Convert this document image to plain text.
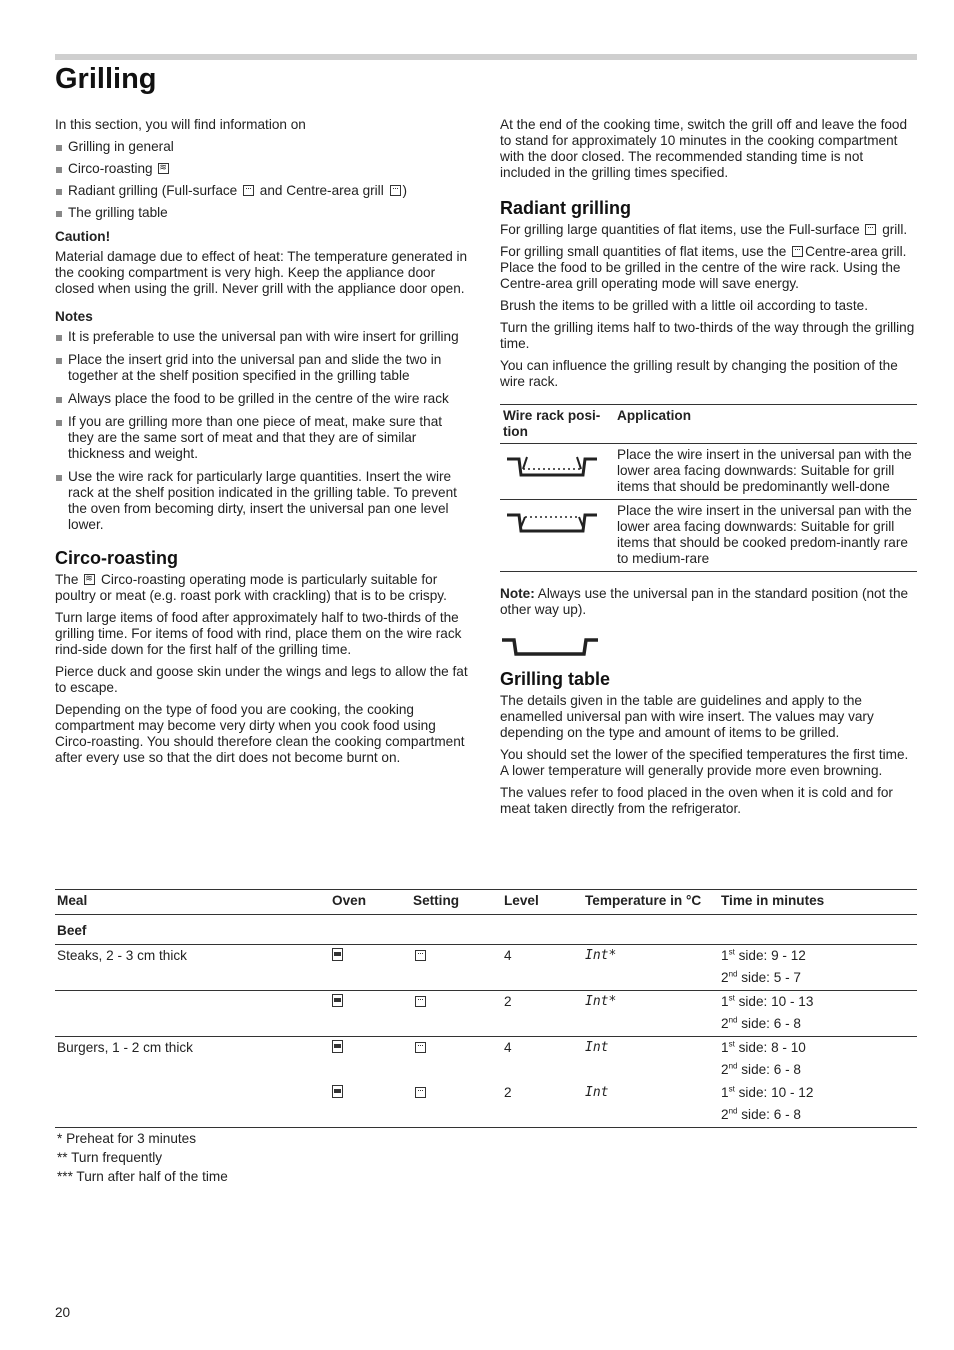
Grilling

In this section, you will find information on

Grilling in general
Circo-roasting ≋
Radiant grilling (Full-surface and Centre-area grill )
The grilling table
Caution!

Material damage due to effect of heat: The temperature generated in the cooking compartment is very high. Keep the appliance door closed when using the grill. Never grill with the appliance door open.

Notes
It is preferable to use the universal pan with wire insert for grilling
Place the insert grid into the universal pan and slide the two in together at the shelf position specified in the grilling table
Always place the food to be grilled in the centre of the wire rack
If you are grilling more than one piece of meat, make sure that they are the same sort of meat and that they are of similar thickness and weight.
Use the wire rack for particularly large quantities. Insert the wire rack at the shelf position indicated in the grilling table. To prevent the oven from becoming dirty, insert the universal pan one level lower.
Circo-roasting

The ≋ Circo-roasting operating mode is particularly suitable for poultry or meat (e.g. roast pork with crackling) that is to be crispy.

Turn large items of food after approximately half to two-thirds of the grilling time. For items of food with rind, place them on the wire rack rind-side down for the first half of the grilling time.

Pierce duck and goose skin under the wings and legs to allow the fat to escape.

Depending on the type of food you are cooking, the cooking compartment may become very dirty when you cook food using Circo-roasting. You should therefore clean the cooking compartment after every use so that the dirt does not become burnt on.

At the end of the cooking time, switch the grill off and leave the food to stand for approximately 10 minutes in the cooking compartment with the door closed. The recommended standing time is not included in the grilling times specified.

Radiant grilling

For grilling large quantities of flat items, use the Full-surface grill.

For grilling small quantities of flat items, use the Centre-area grill. Place the food to be grilled in the centre of the wire rack. Using the Centre-area grill operating mode will save energy.

Brush the items to be grilled with a little oil according to taste.

Turn the grilling items half to two-thirds of the way through the grilling time.

You can influence the grilling result by changing the position of the wire rack.

Wire rack posi-tion	Application

	Place the wire insert in the universal pan with the lower area facing downwards: Suitable for grill items that should be predominantly well-done

	Place the wire insert in the universal pan with the lower area facing downwards: Suitable for grill items that should be cooked predom-inantly rare to medium-rare

Note: Always use the universal pan in the standard position (not the other way up).

Grilling table

The details given in the table are guidelines and apply to the enamelled universal pan with wire insert. The values may vary depending on the type and amount of items to be grilled.

You should set the lower of the specified temperatures the first time. A lower temperature will generally provide more even browning.

The values refer to food placed in the oven when it is cold and for meat taken directly from the refrigerator.

Meal	Oven	Setting	Level	Temperature in °C	Time in minutes
Beef					
Steaks, 2 - 3 cm thick			4	Int*	1st side: 9 - 12
					2nd side: 5 - 7
			2	Int*	1st side: 10 - 13
					2nd side: 6 - 8
Burgers, 1 - 2 cm thick			4	Int	1st side: 8 - 10
					2nd side: 6 - 8
			2	Int	1st side: 10 - 12
					2nd side: 6 - 8
* Preheat for 3 minutes
** Turn frequently
*** Turn after half of the time
20
